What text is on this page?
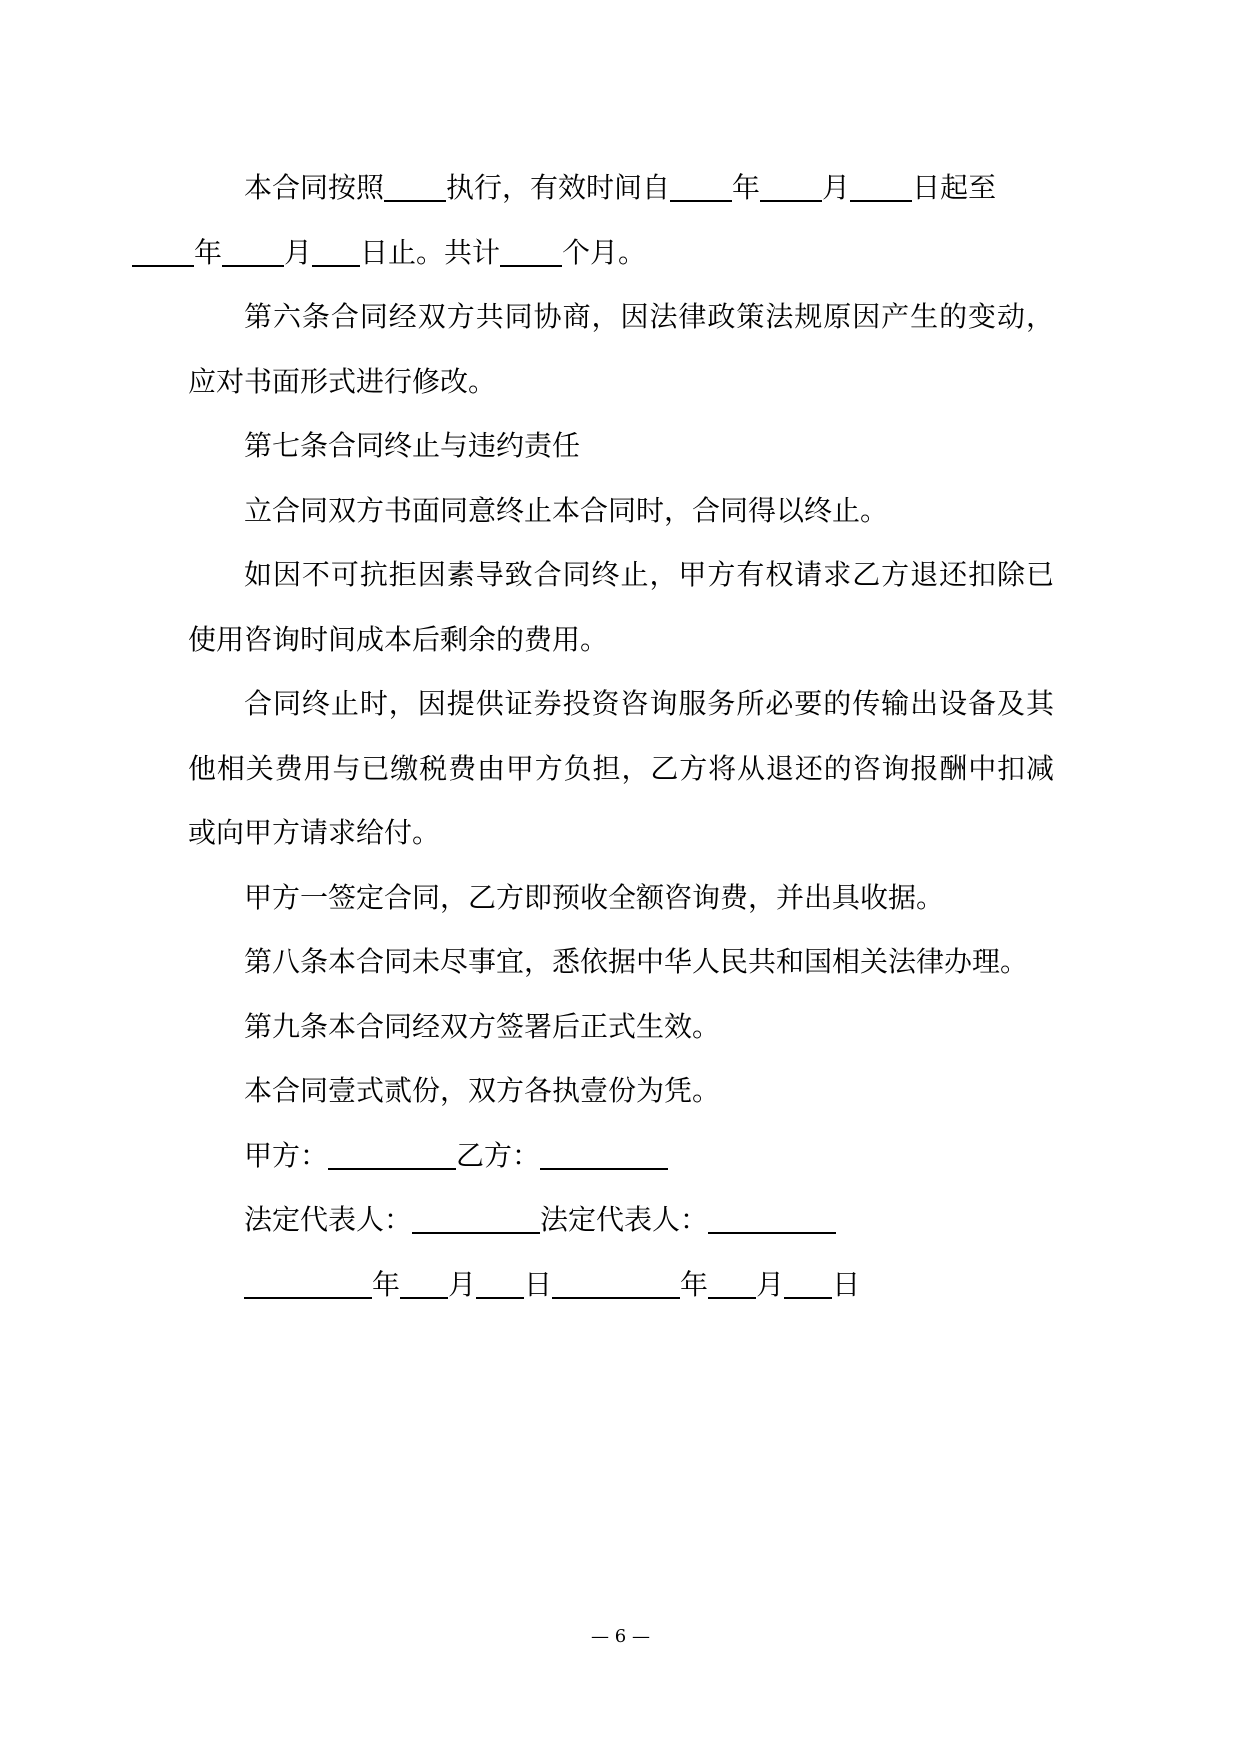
本合同按照 执行，有效时间自 年 月 日起至
年 月 日止。共计 个月。

第六条合同经双方共同协商，因法律政策法规原因产生的变动，应对书面形式进行修改。

第七条合同终止与违约责任

立合同双方书面同意终止本合同时，合同得以终止。

如因不可抗拒因素导致合同终止，甲方有权请求乙方退还扣除已使用咨询时间成本后剩余的费用。

合同终止时，因提供证券投资咨询服务所必要的传输出设备及其他相关费用与已缴税费由甲方负担，乙方将从退还的咨询报酬中扣减或向甲方请求给付。

甲方一签定合同，乙方即预收全额咨询费，并出具收据。

第八条本合同未尽事宜，悉依据中华人民共和国相关法律办理。

第九条本合同经双方签署后正式生效。

本合同壹式贰份，双方各执壹份为凭。

甲方：	乙方：

法定代表人：	法定代表人：

年 月 日	年 月 日

— 6 —
